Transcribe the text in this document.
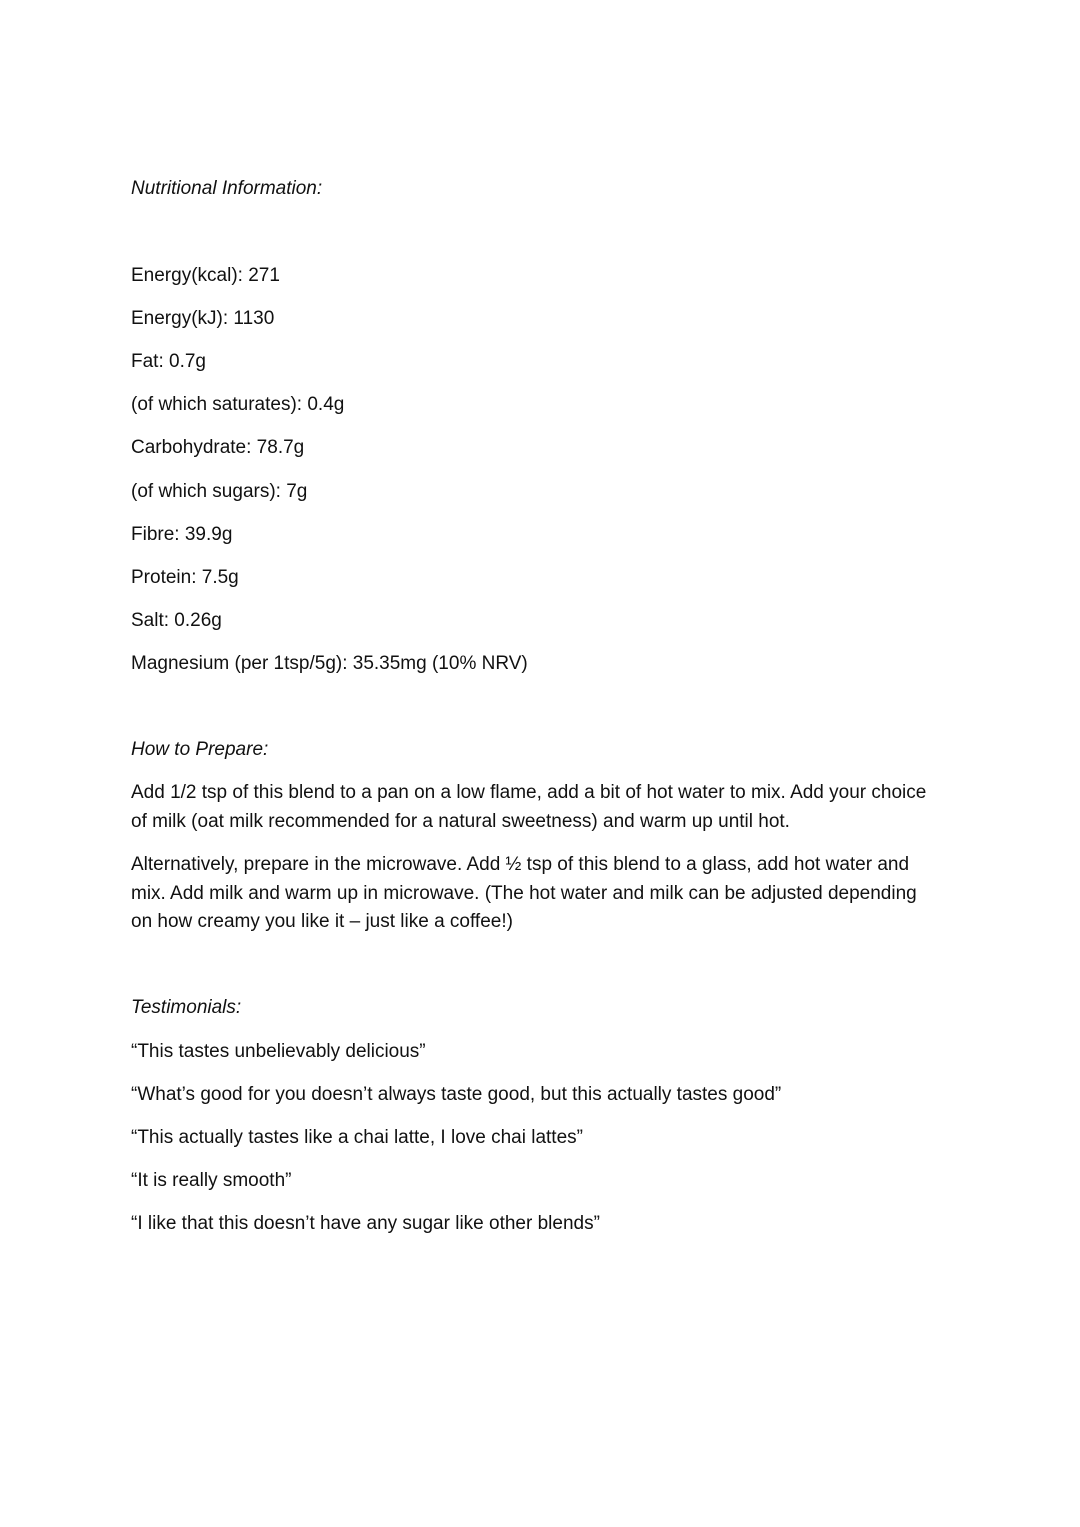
Nutritional Information:
Energy(kcal): 271
Energy(kJ): 1130
Fat: 0.7g
(of which saturates): 0.4g
Carbohydrate: 78.7g
(of which sugars): 7g
Fibre: 39.9g
Protein: 7.5g
Salt: 0.26g
Magnesium (per 1tsp/5g): 35.35mg (10% NRV)
How to Prepare:
Add 1/2 tsp of this blend to a pan on a low flame, add a bit of hot water to mix. Add your choice of milk (oat milk recommended for a natural sweetness) and warm up until hot.
Alternatively, prepare in the microwave. Add ½ tsp of this blend to a glass, add hot water and mix. Add milk and warm up in microwave. (The hot water and milk can be adjusted depending on how creamy you like it – just like a coffee!)
Testimonials:
“This tastes unbelievably delicious”
“What’s good for you doesn’t always taste good, but this actually tastes good”
“This actually tastes like a chai latte, I love chai lattes”
“It is really smooth”
“I like that this doesn’t have any sugar like other blends”
